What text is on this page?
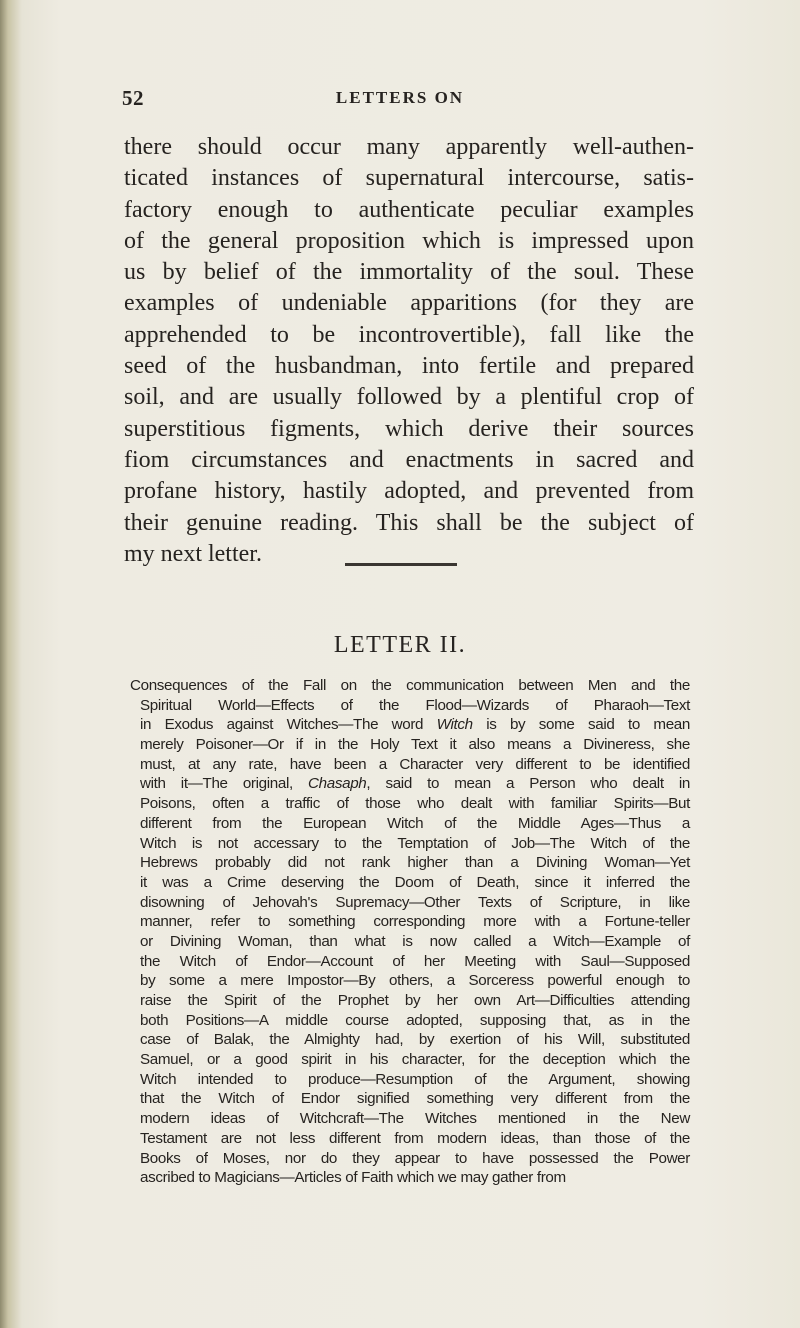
52	LETTERS ON
there should occur many apparently well-authen-
ticated instances of supernatural intercourse, satis-
factory enough to authenticate peculiar examples
of the general proposition which is impressed upon
us by belief of the immortality of the soul. These
examples of undeniable apparitions (for they are
apprehended to be incontrovertible), fall like the
seed of the husbandman, into fertile and prepared
soil, and are usually followed by a plentiful crop of
superstitious figments, which derive their sources
fiom circumstances and enactments in sacred and
profane history, hastily adopted, and prevented from
their genuine reading. This shall be the subject of
my next letter.
LETTER II.
Consequences of the Fall on the communication between Men and the
Spiritual World—Effects of the Flood—Wizards of Pharaoh—Text
in Exodus against Witches—The word Witch is by some said to mean
merely Poisoner—Or if in the Holy Text it also means a Divineress, she
must, at any rate, have been a Character very different to be identified
with it—The original, Chasaph, said to mean a Person who dealt in
Poisons, often a traffic of those who dealt with familiar Spirits—But
different from the European Witch of the Middle Ages—Thus a
Witch is not accessary to the Temptation of Job—The Witch of the
Hebrews probably did not rank higher than a Divining Woman—Yet
it was a Crime deserving the Doom of Death, since it inferred the
disowning of Jehovah's Supremacy—Other Texts of Scripture, in like
manner, refer to something corresponding more with a Fortune-teller
or Divining Woman, than what is now called a Witch—Example of
the Witch of Endor—Account of her Meeting with Saul—Supposed
by some a mere Impostor—By others, a Sorceress powerful enough to
raise the Spirit of the Prophet by her own Art—Difficulties attending
both Positions—A middle course adopted, supposing that, as in the
case of Balak, the Almighty had, by exertion of his Will, substituted
Samuel, or a good spirit in his character, for the deception which the
Witch intended to produce—Resumption of the Argument, showing
that the Witch of Endor signified something very different from the
modern ideas of Witchcraft—The Witches mentioned in the New
Testament are not less different from modern ideas, than those of the
Books of Moses, nor do they appear to have possessed the Power
ascribed to Magicians—Articles of Faith which we may gather from
